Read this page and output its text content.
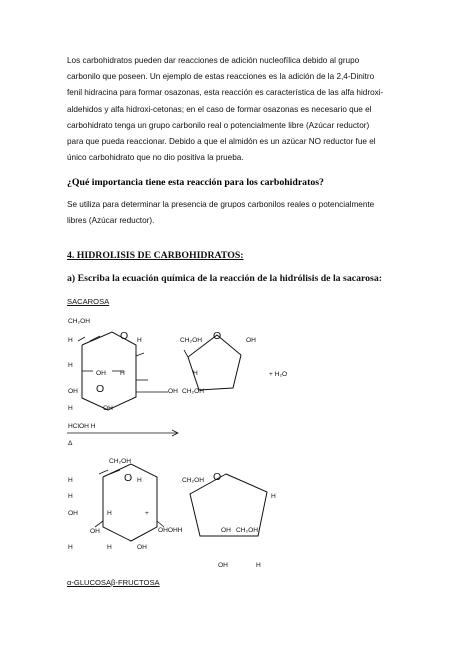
Los carbohidratos pueden dar reacciones de adición nucleofílica debido al grupo
carbonilo que poseen. Un ejemplo de estas reacciones es la adición de la 2,4-Dinitro
fenil hidracina para formar osazonas, esta reacción es característica de las alfa hidroxi-
aldehidos y alfa hidroxi-cetonas; en el caso de formar osazonas es necesario que el
carbohidrato tenga un grupo carbonilo real o potencialmente libre (Azúcar reductor)
para que pueda reaccionar. Debido a que el almidón es un azúcar NO reductor fue el
único carbohidrato que no dio positiva la prueba.
¿Qué importancia tiene esta reacción para los carbohidratos?
Se utiliza para determinar la presencia de grupos carbonilos reales o potencialmente
libres (Azúcar reductor).
4. HIDROLISIS DE CARBOHIDRATOS:
a) Escriba la ecuación química de la reacción de la hidrólisis de la sacarosa:
SACAROSA
CH₂OH
O
H	H
H
OH H
OH O
H	OH
CH₂OH O	OH
H
OH CH₂OH
+ H₂O
HClOH H
Δ
CH₂OH
O
H	H
H
OH	H	+
OH	OHOHH
H	H	OH
CH₂OH O
H
OH CH₂OH
OH	H
α-GLUCOSAβ-FRUCTOSA
